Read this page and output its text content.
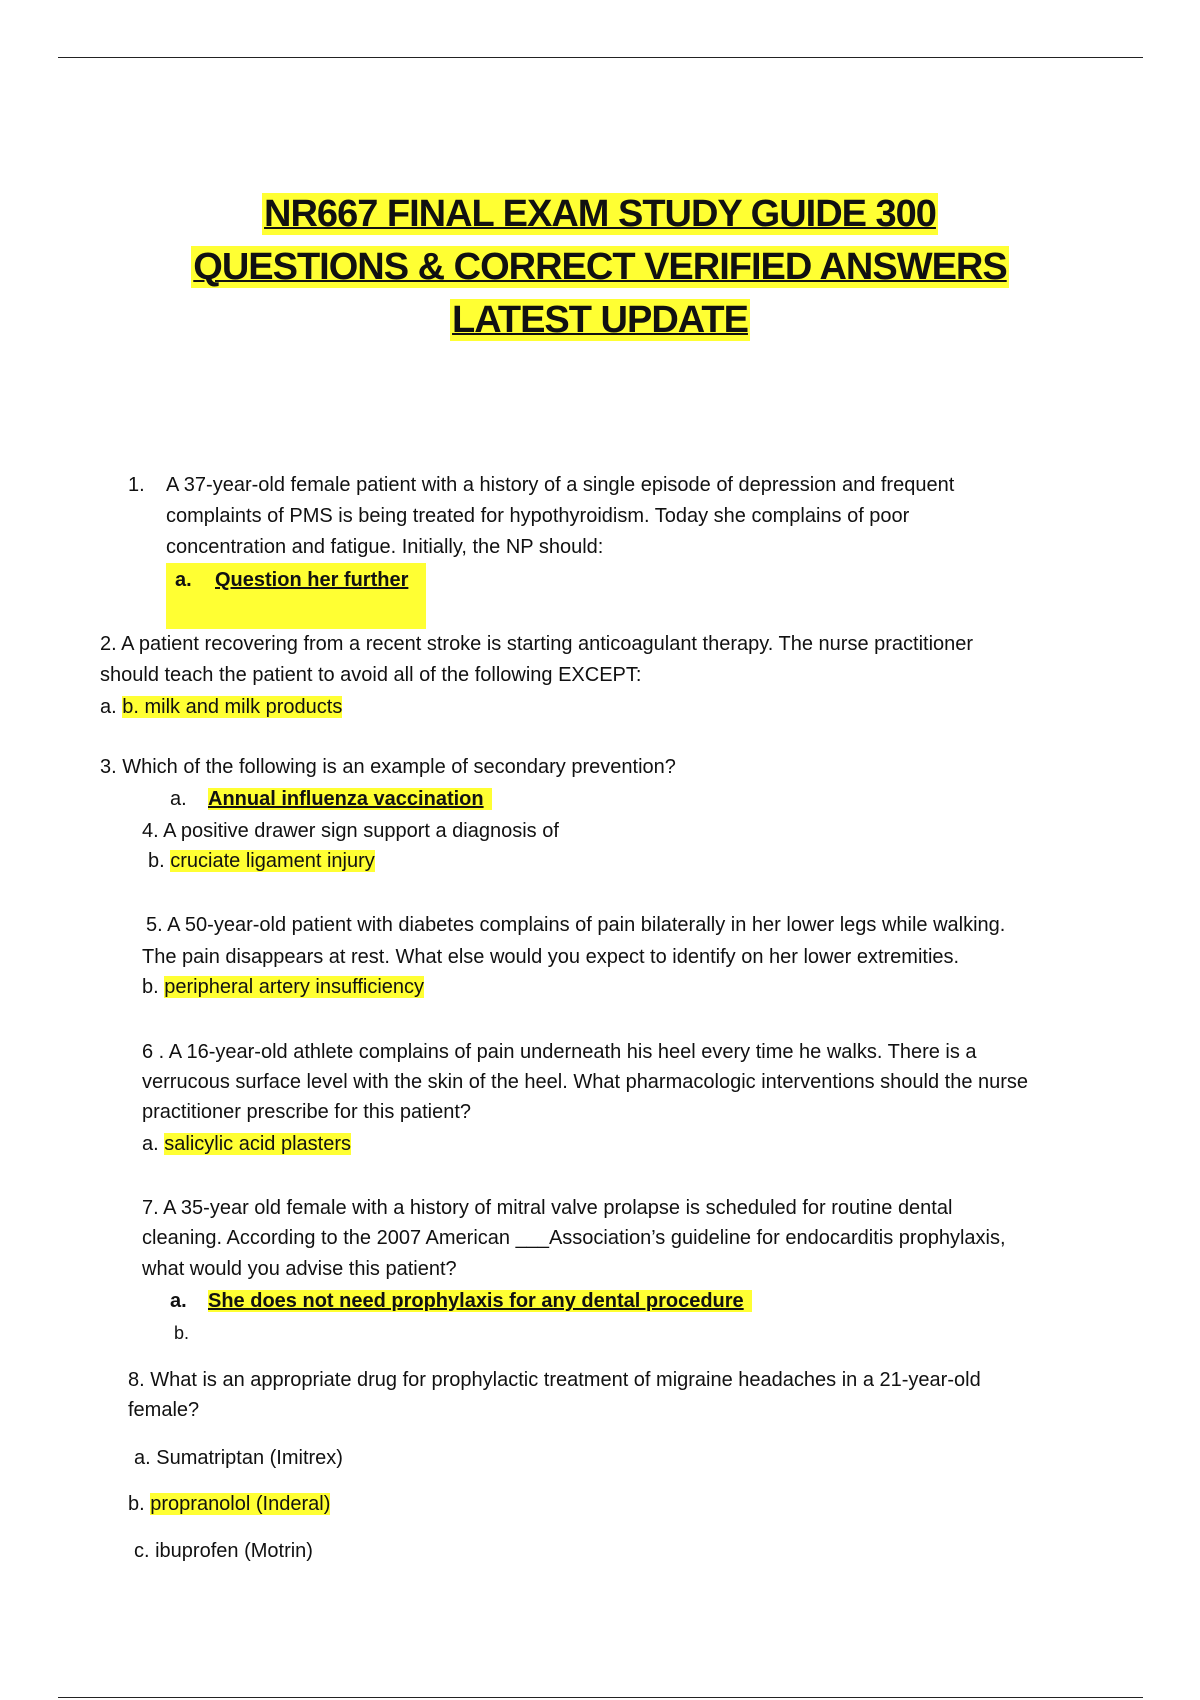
NR667 FINAL EXAM STUDY GUIDE 300
QUESTIONS & CORRECT VERIFIED ANSWERS
LATEST UPDATE
1. A 37-year-old female patient with a history of a single episode of depression and frequent
complaints of PMS is being treated for hypothyroidism. Today she complains of poor
concentration and fatigue. Initially, the NP should:
a. Question her further
2. A patient recovering from a recent stroke is starting anticoagulant therapy. The nurse practitioner
should teach the patient to avoid all of the following EXCEPT:
a. b. milk and milk products
3. Which of the following is an example of secondary prevention?
a. Annual influenza vaccination
4. A positive drawer sign support a diagnosis of
b. cruciate ligament injury
5. A 50-year-old patient with diabetes complains of pain bilaterally in her lower legs while walking.
The pain disappears at rest. What else would you expect to identify on her lower extremities.
b. peripheral artery insufficiency
6 . A 16-year-old athlete complains of pain underneath his heel every time he walks. There is a
verrucous surface level with the skin of the heel. What pharmacologic interventions should the nurse
practitioner prescribe for this patient?
a. salicylic acid plasters
7. A 35-year old female with a history of mitral valve prolapse is scheduled for routine dental
cleaning. According to the 2007 American ___Association’s guideline for endocarditis prophylaxis,
what would you advise this patient?
a. She does not need prophylaxis for any dental procedure
b.
8. What is an appropriate drug for prophylactic treatment of migraine headaches in a 21-year-old
female?
a. Sumatriptan (Imitrex)
b. propranolol (Inderal)
c. ibuprofen (Motrin)
